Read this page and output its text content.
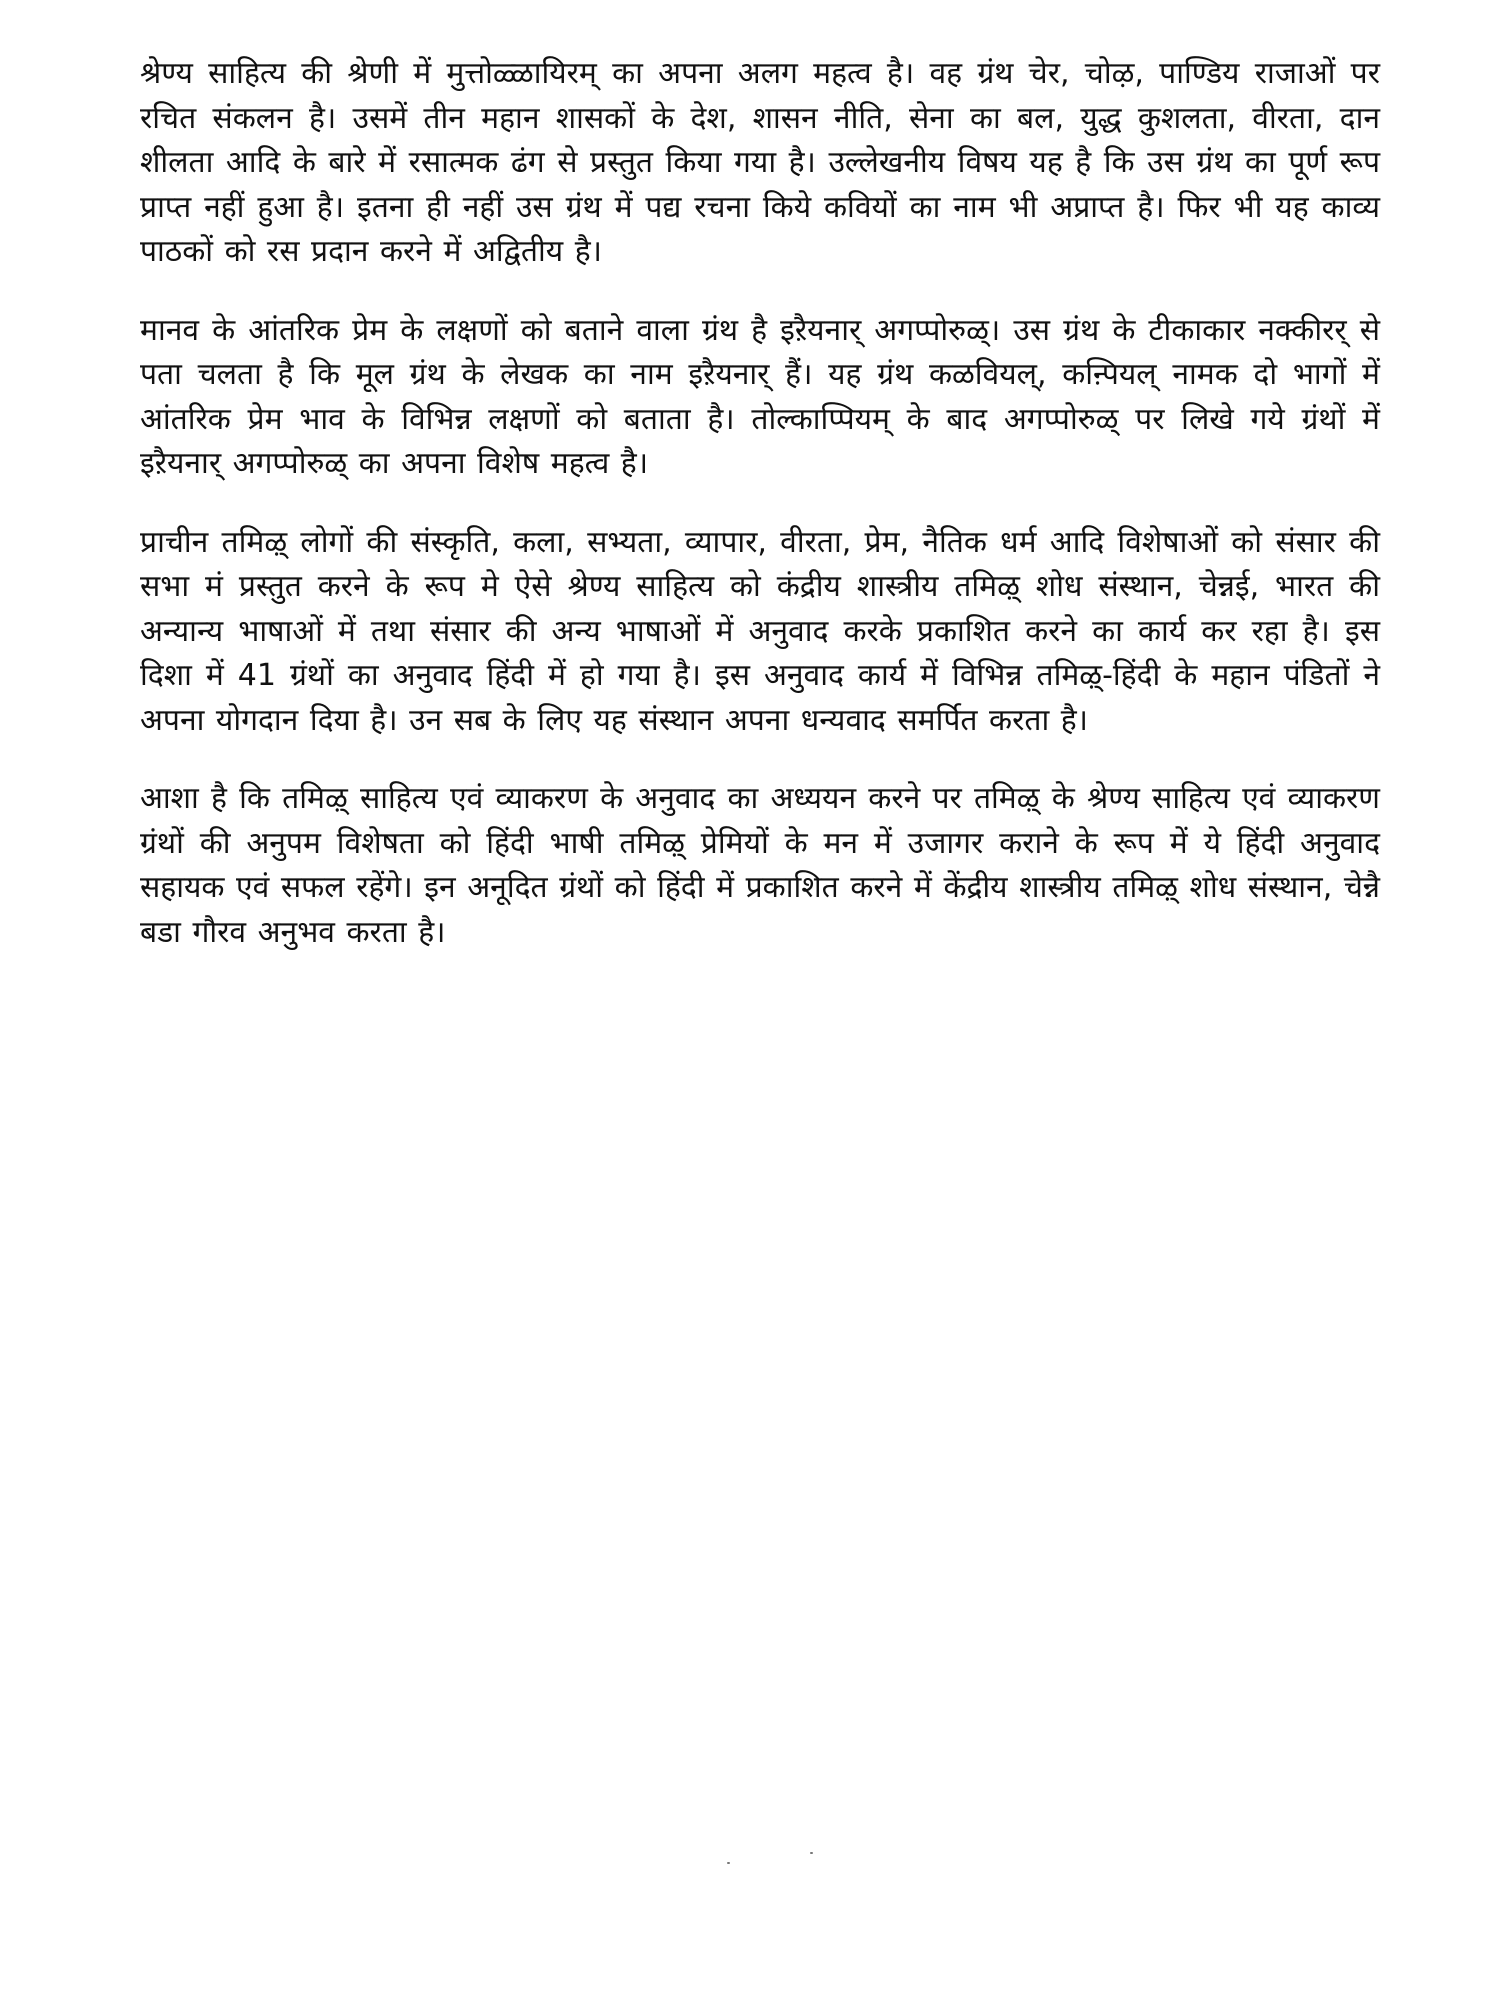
श्रेण्य साहित्य की श्रेणी में मुत्तोळ्ळायिरम् का अपना अलग महत्व है। वह ग्रंथ चेर, चोऴ, पाण्डिय राजाओं पर रचित संकलन है। उसमें तीन महान शासकों के देश, शासन नीति, सेना का बल, युद्ध कुशलता, वीरता, दान शीलता आदि के बारे में रसात्मक ढंग से प्रस्तुत किया गया है। उल्लेखनीय विषय यह है कि उस ग्रंथ का पूर्ण रूप प्राप्त नहीं हुआ है। इतना ही नहीं उस ग्रंथ में पद्य रचना किये कवियों का नाम भी अप्राप्त है। फिर भी यह काव्य पाठकों को रस प्रदान करने में अद्वितीय है।

मानव के आंतरिक प्रेम के लक्षणों को बताने वाला ग्रंथ है इऱैयनार् अगप्पोरुळ्। उस ग्रंथ के टीकाकार नक्कीरर् से पता चलता है कि मूल ग्रंथ के लेखक का नाम इऱैयनार् हैं। यह ग्रंथ कळवियल्, कऩ्पियल् नामक दो भागों में आंतरिक प्रेम भाव के विभिन्न लक्षणों को बताता है। तोल्काप्पियम् के बाद अगप्पोरुळ् पर लिखे गये ग्रंथों में इऱैयनार् अगप्पोरुळ् का अपना विशेष महत्व है।

प्राचीन तमिऴ् लोगों की संस्कृति, कला, सभ्यता, व्यापार, वीरता, प्रेम, नैतिक धर्म आदि विशेषाओं को संसार की सभा मं प्रस्तुत करने के रूप मे ऐसे श्रेण्य साहित्य को कंद्रीय शास्त्रीय तमिऴ् शोध संस्थान, चेन्नई, भारत की अन्यान्य भाषाओं में तथा संसार की अन्य भाषाओं में अनुवाद करके प्रकाशित करने का कार्य कर रहा है। इस दिशा में 41 ग्रंथों का अनुवाद हिंदी में हो गया है। इस अनुवाद कार्य में विभिन्न तमिऴ्-हिंदी के महान पंडितों ने अपना योगदान दिया है। उन सब के लिए यह संस्थान अपना धन्यवाद समर्पित करता है।

आशा है कि तमिऴ् साहित्य एवं व्याकरण के अनुवाद का अध्ययन करने पर तमिऴ् के श्रेण्य साहित्य एवं व्याकरण ग्रंथों की अनुपम विशेषता को हिंदी भाषी तमिऴ् प्रेमियों के मन में उजागर कराने के रूप में ये हिंदी अनुवाद सहायक एवं सफल रहेंगे। इन अनूदित ग्रंथों को हिंदी में प्रकाशित करने में केंद्रीय शास्त्रीय तमिऴ् शोध संस्थान, चेन्नै बडा गौरव अनुभव करता है।
